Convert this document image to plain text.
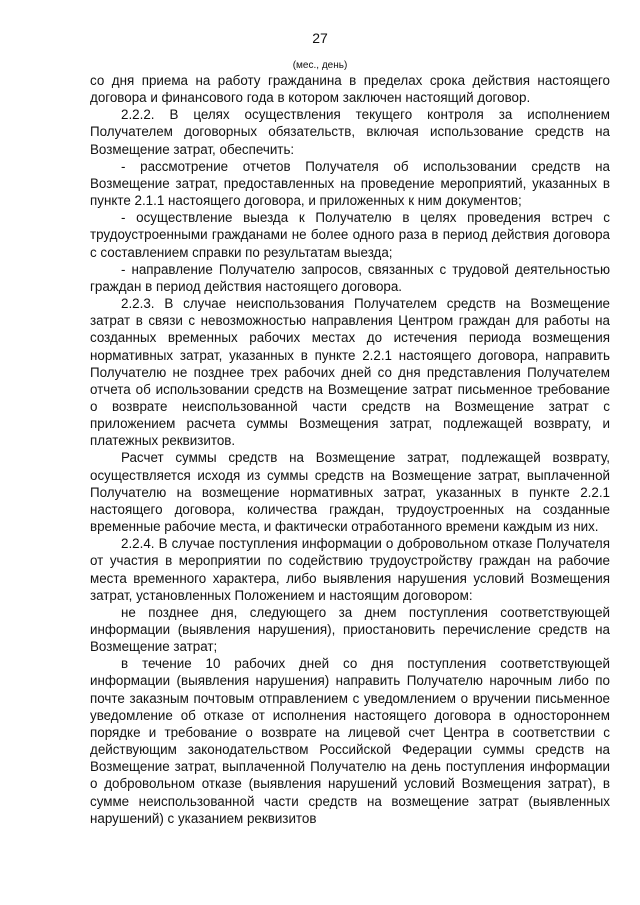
27
(мес., день)

со дня приема на работу гражданина в пределах срока действия настоящего договора и финансового года в котором заключен настоящий договор.

2.2.2. В целях осуществления текущего контроля за исполнением Получателем договорных обязательств, включая использование средств на Возмещение затрат, обеспечить:

- рассмотрение отчетов Получателя об использовании средств на Возмещение затрат, предоставленных на проведение мероприятий, указанных в пункте 2.1.1 настоящего договора, и приложенных к ним документов;

- осуществление выезда к Получателю в целях проведения встреч с трудоустроенными гражданами не более одного раза в период действия договора с составлением справки по результатам выезда;

- направление Получателю запросов, связанных с трудовой деятельностью граждан в период действия настоящего договора.

2.2.3. В случае неиспользования Получателем средств на Возмещение затрат в связи с невозможностью направления Центром граждан для работы на созданных временных рабочих местах до истечения периода возмещения нормативных затрат, указанных в пункте 2.2.1 настоящего договора, направить Получателю не позднее трех рабочих дней со дня представления Получателем отчета об использовании средств на Возмещение затрат письменное требование о возврате неиспользованной части средств на Возмещение затрат с приложением расчета суммы Возмещения затрат, подлежащей возврату, и платежных реквизитов.

Расчет суммы средств на Возмещение затрат, подлежащей возврату, осуществляется исходя из суммы средств на Возмещение затрат, выплаченной Получателю на возмещение нормативных затрат, указанных в пункте 2.2.1 настоящего договора, количества граждан, трудоустроенных на созданные временные рабочие места, и фактически отработанного времени каждым из них.

2.2.4. В случае поступления информации о добровольном отказе Получателя от участия в мероприятии по содействию трудоустройству граждан на рабочие места временного характера, либо выявления нарушения условий Возмещения затрат, установленных Положением и настоящим договором:

не позднее дня, следующего за днем поступления соответствующей информации (выявления нарушения), приостановить перечисление средств на Возмещение затрат;

в течение 10 рабочих дней со дня поступления соответствующей информации (выявления нарушения) направить Получателю нарочным либо по почте заказным почтовым отправлением с уведомлением о вручении письменное уведомление об отказе от исполнения настоящего договора в одностороннем порядке и требование о возврате на лицевой счет Центра в соответствии с действующим законодательством Российской Федерации суммы средств на Возмещение затрат, выплаченной Получателю на день поступления информации о добровольном отказе (выявления нарушений условий Возмещения затрат), в сумме неиспользованной части средств на возмещение затрат (выявленных нарушений) с указанием реквизитов
